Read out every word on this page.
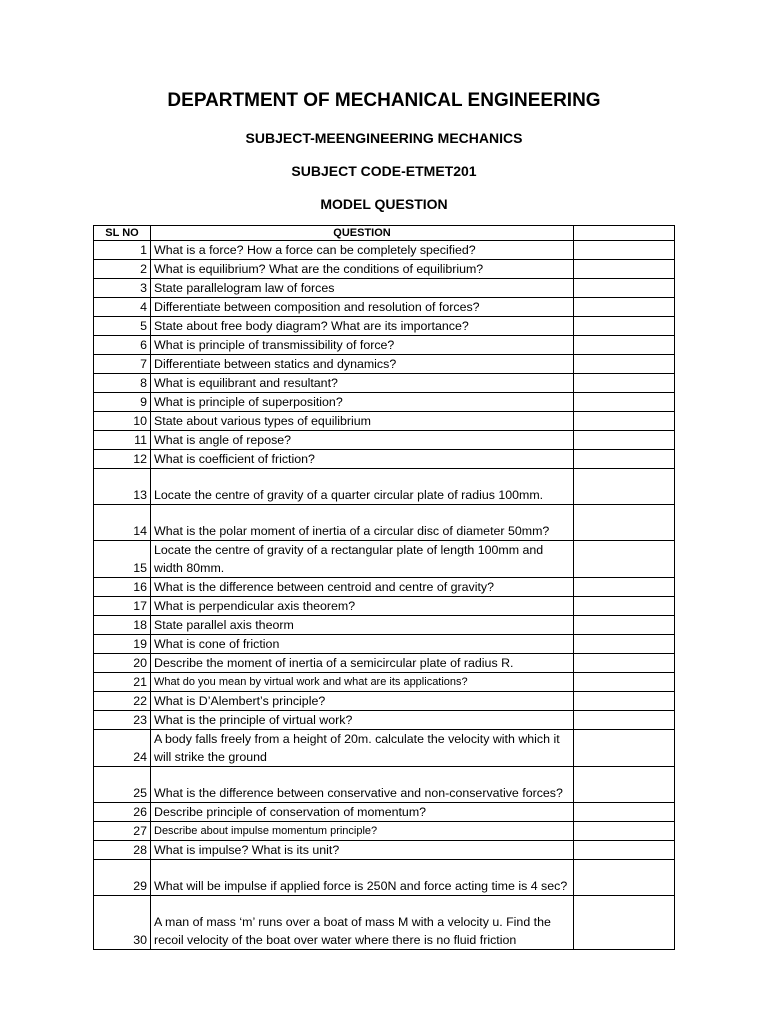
DEPARTMENT OF MECHANICAL ENGINEERING
SUBJECT-MEENGINEERING MECHANICS
SUBJECT CODE-ETMET201
MODEL QUESTION
SL NO	QUESTION	
1	What is a force? How a force can be completely specified?	
2	What is equilibrium? What are the conditions of equilibrium?	
3	State parallelogram law of forces	
4	Differentiate between composition and resolution of forces?	
5	State about free body diagram? What are its importance?	
6	What is principle of transmissibility of force?	
7	Differentiate between statics and dynamics?	
8	What is equilibrant and resultant?	
9	What is principle of superposition?	
10	State about various types of equilibrium	
11	What is angle of repose?	
12	What is coefficient of friction?	
13	Locate the centre of gravity of a quarter circular plate of radius 100mm.	
14	What is the polar moment of inertia of a circular disc of diameter 50mm?	
15	Locate the centre of gravity of a rectangular plate of length 100mm and width 80mm.	
16	What is the difference between centroid and centre of gravity?	
17	What is perpendicular axis theorem?	
18	State parallel axis theorm	
19	What is cone of friction	
20	Describe the moment of inertia of a semicircular plate of radius R.	
21	What do you mean by virtual work and what are its applications?	
22	What is D’Alembert’s principle?	
23	What is the principle of virtual work?	
24	A body falls freely from a height of 20m. calculate the velocity with which it will strike the ground	
25	What is the difference between conservative and non-conservative forces?	
26	Describe principle of conservation of momentum?	
27	Describe about impulse momentum principle?	
28	What is impulse? What is its unit?	
29	What will be impulse if applied force is 250N and force acting time is 4 sec?	
30	A man of mass ‘m’ runs over a boat of mass M with a velocity u. Find the recoil velocity of the boat over water where there is no fluid friction	
